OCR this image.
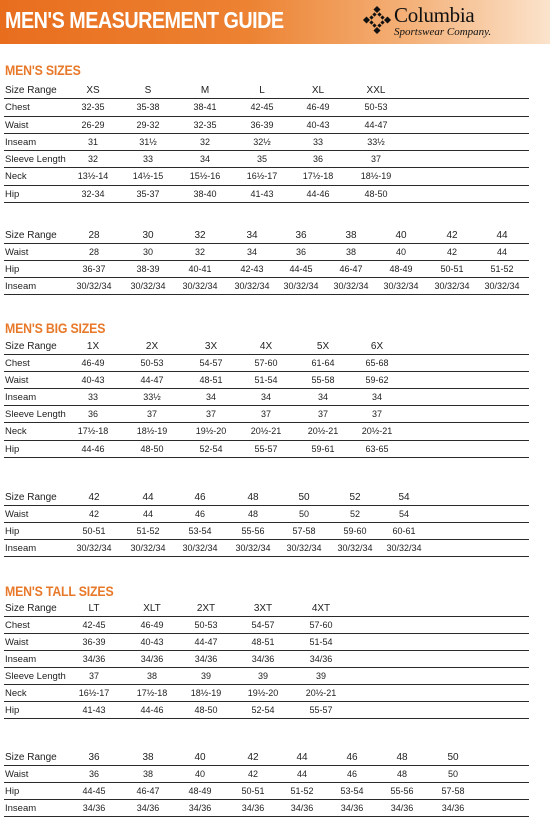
MEN'S MEASUREMENT GUIDE	Columbia
Sportswear Company.
MEN'S SIZES
Size Range	XS	S	M	L	XL	XXL
Chest	32-35	35-38	38-41	42-45	46-49	50-53
Waist	26-29	29-32	32-35	36-39	40-43	44-47
Inseam	31	31½	32	32½	33	33½
Sleeve Length 32	33	34	35	36	37
Neck	13½-14	14½-15	15½-16	16½-17	17½-18	18½-19
Hip	32-34	35-37	38-40	41-43	44-46	48-50
Size Range	28	30	32	34	36	38	40	42	44
Waist	28	30	32	34	36	38	40	42	44
Hip	36-37	38-39	40-41	42-43	44-45	46-47	48-49	50-51	51-52
Inseam	30/32/34 30/32/34 30/32/34 30/32/34 30/32/34 30/32/34 30/32/34 30/32/34 30/32/34
MEN'S BIG SIZES
Size Range	1X	2X	3X	4X	5X	6X
Chest	46-49	50-53	54-57	57-60	61-64	65-68
Waist	40-43	44-47	48-51	51-54	55-58	59-62
Inseam	33	33½	34	34	34	34
Sleeve Length 36	37	37	37	37	37
Neck	17½-18	18½-19	19½-20	20½-21	20½-21	20½-21
Hip	44-46	48-50	52-54	55-57	59-61	63-65
Size Range	42	44	46	48	50	52	54
Waist	42	44	46	48	50	52	54
Hip	50-51	51-52	53-54	55-56	57-58	59-60	60-61
Inseam	30/32/34 30/32/34 30/32/34 30/32/34 30/32/34 30/32/34 30/32/34
MEN'S TALL SIZES
Size Range	LT	XLT	2XT	3XT	4XT
Chest	42-45	46-49	50-53	54-57	57-60
Waist	36-39	40-43	44-47	48-51	51-54
Inseam	34/36	34/36	34/36	34/36	34/36
Sleeve Length	37	38	39	39	39
Neck	16½-17	17½-18	18½-19	19½-20	20½-21
Hip	41-43	44-46	48-50	52-54	55-57
Size Range	36	38	40	42	44	46	48	50
Waist	36	38	40	42	44	46	48	50
Hip	44-45	46-47	48-49	50-51	51-52	53-54	55-56	57-58
Inseam	34/36	34/36	34/36	34/36	34/36	34/36	34/36	34/36
